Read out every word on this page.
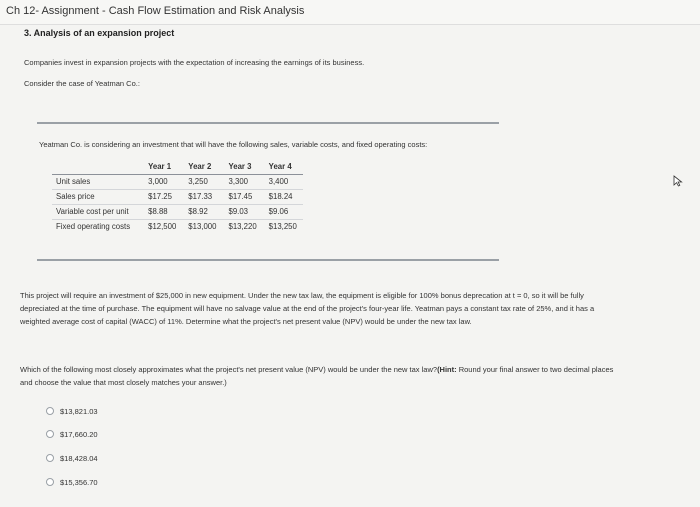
Ch 12- Assignment - Cash Flow Estimation and Risk Analysis
3. Analysis of an expansion project
Companies invest in expansion projects with the expectation of increasing the earnings of its business.
Consider the case of Yeatman Co.:
Yeatman Co. is considering an investment that will have the following sales, variable costs, and fixed operating costs:
	Year 1	Year 2	Year 3	Year 4
Unit sales	3,000	3,250	3,300	3,400
Sales price	$17.25	$17.33	$17.45	$18.24
Variable cost per unit	$8.88	$8.92	$9.03	$9.06
Fixed operating costs	$12,500	$13,000	$13,220	$13,250
This project will require an investment of $25,000 in new equipment. Under the new tax law, the equipment is eligible for 100% bonus deprecation at t = 0, so it will be fully depreciated at the time of purchase. The equipment will have no salvage value at the end of the project's four-year life. Yeatman pays a constant tax rate of 25%, and it has a weighted average cost of capital (WACC) of 11%. Determine what the project's net present value (NPV) would be under the new tax law.
Which of the following most closely approximates what the project's net present value (NPV) would be under the new tax law?(Hint: Round your final answer to two decimal places and choose the value that most closely matches your answer.)
$13,821.03
$17,660.20
$18,428.04
$15,356.70
